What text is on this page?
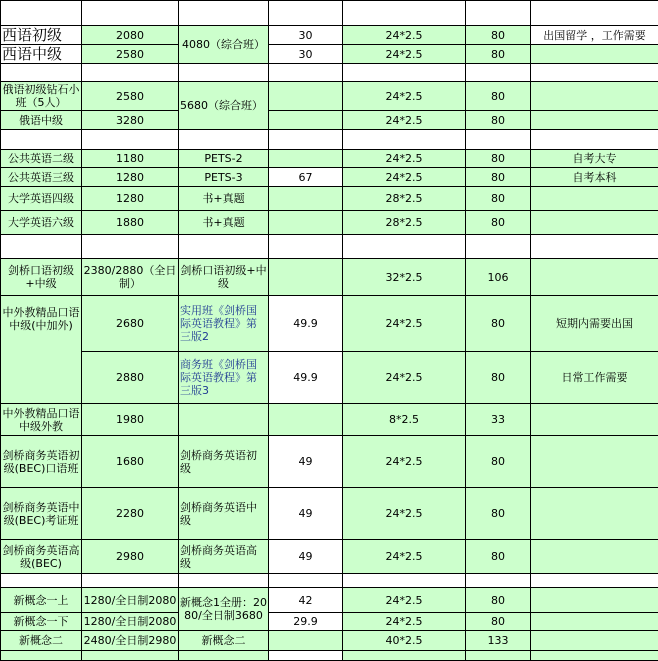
西语初级	2080	4080（综合班）	30	24*2.5	80	出国留学 ，工作需要
西语中级	2580		30	24*2.5	80	

俄语初级钻石小班（5人）	2580	5680（综合班）		24*2.5	80	
俄语中级	3280			24*2.5	80	

公共英语二级	1180	PETS-2		24*2.5	80	自考大专
公共英语三级	1280	PETS-3	67	24*2.5	80	自考本科
大学英语四级	1280	书+真题		28*2.5	80	
大学英语六级	1880	书+真题		28*2.5	80	

剑桥口语初级+中级	2380/2880（全日制）	剑桥口语初级+中级		32*2.5	106	
中外教精品口语中级(中加外)	2680	实用班《剑桥国际英语教程》第三版2	49.9	24*2.5	80	短期内需要出国
	2880	商务班《剑桥国际英语教程》第三版3	49.9	24*2.5	80	日常工作需要
中外教精品口语中级外教	1980			8*2.5	33	
剑桥商务英语初级(BEC)口语班	1680	剑桥商务英语初级	49	24*2.5	80	
剑桥商务英语中级(BEC)考证班	2280	剑桥商务英语中级	49	24*2.5	80	
剑桥商务英语高级(BEC)	2980	剑桥商务英语高级	49	24*2.5	80	

新概念一上	1280/全日制2080	新概念1全册：2080/全日制3680	42	24*2.5	80	
新概念一下	1280/全日制2080		29.9	24*2.5	80	
新概念二	2480/全日制2980	新概念二		40*2.5	133	
